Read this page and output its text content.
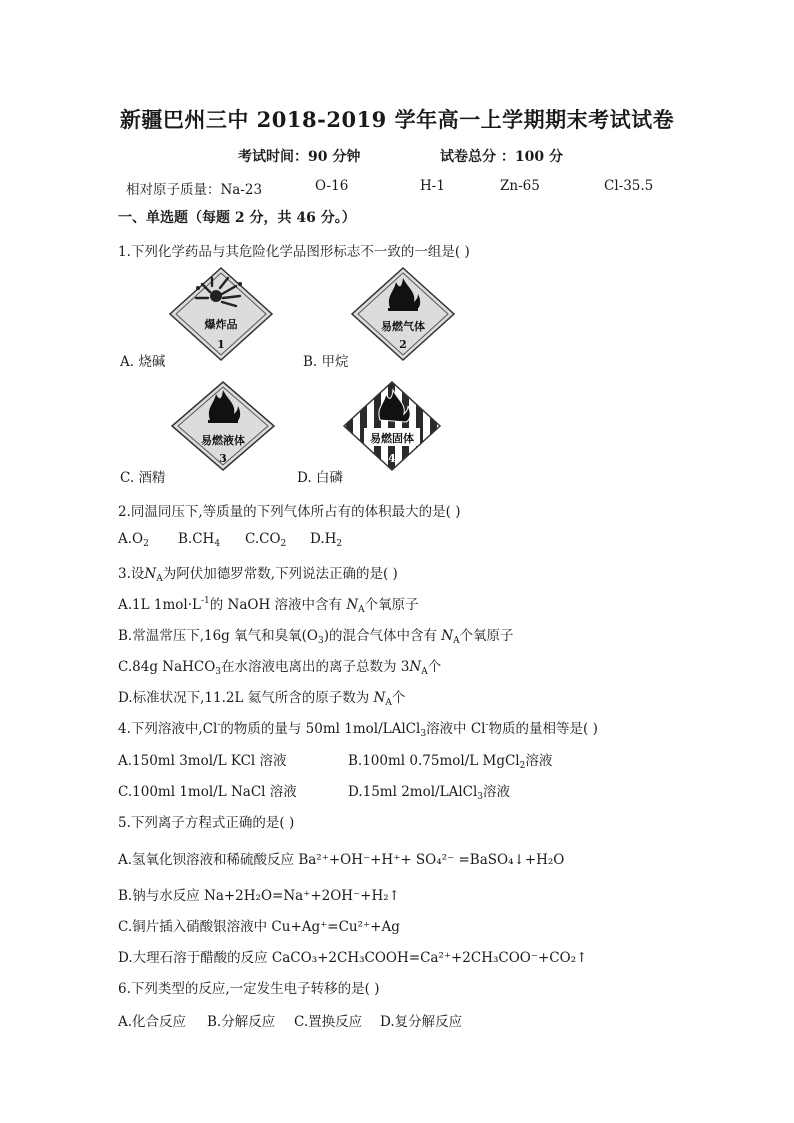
新疆巴州三中 2018-2019 学年高一上学期期末考试试卷
考试时间：90 分钟	试卷总分 ：100 分
相对原子质量：Na-23	O-16	H-1	Zn-65	Cl-35.5
一、单选题（每题 2 分，共 46 分。）
1.下列化学药品与其危险化学品图形标志不一致的一组是( )
爆炸品
1
易燃气体
2
A. 烧碱	B. 甲烷
易燃液体
3
易燃固体
4
C. 酒精	D. 白磷
2.同温同压下,等质量的下列气体所占有的体积最大的是( )
$A.O_2$ $B.CH_4$ $C.CO_2$ $D.H_2$
3.设$N_A$为阿伏加德罗常数,下列说法正确的是( )
A.1L $1mol\cdot L^{-1}$的 NaOH 溶液中含有 $N_A$个氧原子
B.常温常压下,16g 氧气和臭氧$(O_3)$的混合气体中含有 $N_A$个氧原子
C.84g NaHCO$_3$在水溶液电离出的离子总数为 $3N_A$个
D.标准状况下,11.2L 氦气所含的原子数为 $N_A$个
4.下列溶液中,Cl-的物质的量与 50ml 1mol/LAlCl$_3$溶液中 Cl-物质的量相等是( )
A.150ml 3mol/L KCl 溶液	B.100ml 0.75mol/L MgCl$_2$溶液
C.100ml 1mol/L NaCl 溶液	D.15ml 2mol/LAlCl$_3$溶液
5.下列离子方程式正确的是( )
A.氢氧化钡溶液和稀硫酸反应 Ba²⁺+OH⁻+H⁺+ SO₄²⁻ =BaSO₄↓+H₂O
B.钠与水反应 Na+2H₂O=Na⁺+2OH⁻+H₂↑
C.铜片插入硝酸银溶液中 Cu+Ag⁺=Cu²⁺+Ag
D.大理石溶于醋酸的反应 CaCO₃+2CH₃COOH=Ca²⁺+2CH₃COO⁻+CO₂↑
6.下列类型的反应,一定发生电子转移的是( )
A.化合反应 B.分解反应 C.置换反应 D.复分解反应
